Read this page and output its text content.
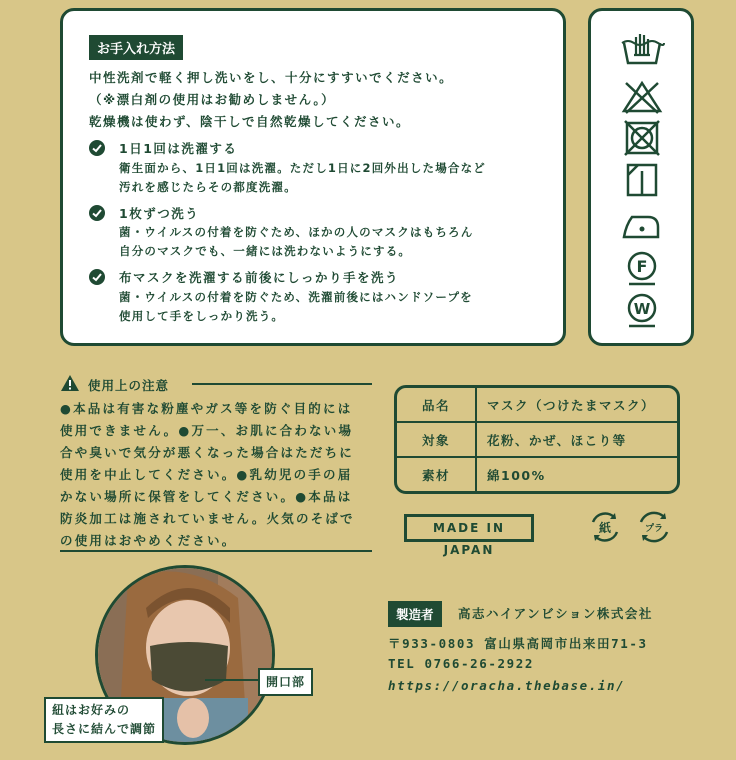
お手入れ方法
中性洗剤で軽く押し洗いをし、十分にすすいでください。
（※漂白剤の使用はお勧めしません。）
乾燥機は使わず、陰干しで自然乾燥してください。
1日1回は洗濯する
衛生面から、1日1回は洗濯。ただし1日に2回外出した場合など
汚れを感じたらその都度洗濯。
1枚ずつ洗う
菌・ウイルスの付着を防ぐため、ほかの人のマスクはもちろん
自分のマスクでも、一緒には洗わないようにする。
布マスクを洗濯する前後にしっかり手を洗う
菌・ウイルスの付着を防ぐため、洗濯前後にはハンドソープを
使用して手をしっかり洗う。
F
W
使用上の注意
●本品は有害な粉塵やガス等を防ぐ目的には
使用できません。●万一、お肌に合わない場
合や臭いで気分が悪くなった場合はただちに
使用を中止してください。●乳幼児の手の届
かない場所に保管をしてください。●本品は
防炎加工は施されていません。火気のそばで
の使用はおやめください。
品名	マスク（つけたまマスク）
対象	花粉、かぜ、ほこり等
素材	綿100%
MADE IN JAPAN
紙	プラ
製造者	高志ハイアンビション株式会社
〒933-0803 富山県高岡市出来田71-3
TEL 0766-26-2922
https://oracha.thebase.in/
開口部
紐はお好みの
長さに結んで調節
